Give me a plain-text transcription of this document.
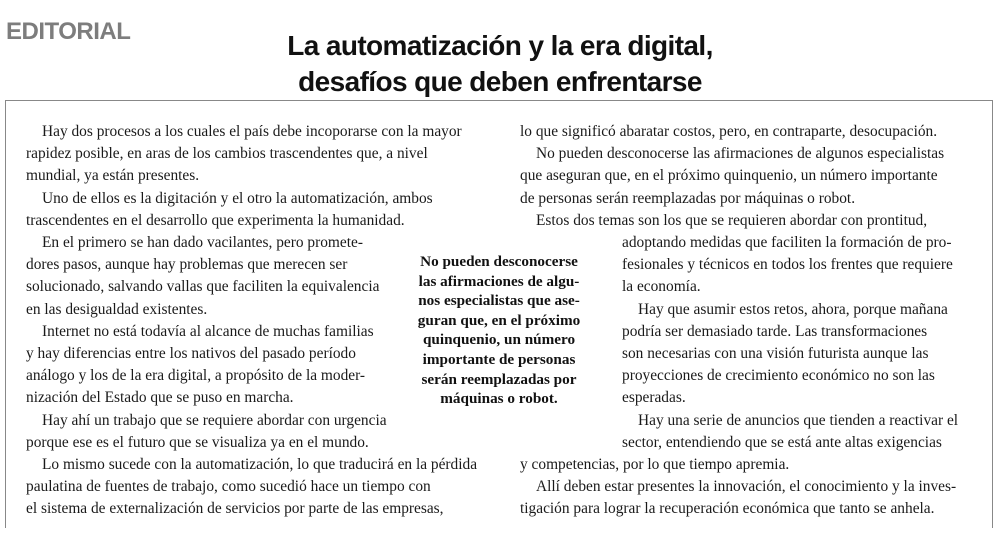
EDITORIAL	La automatización y la era digital,
desafíos que deben enfrentarse

Hay dos procesos a los cuales el país debe incoporarse con la mayor
rapidez posible, en aras de los cambios trascendentes que, a nivel
mundial, ya están presentes.

Uno de ellos es la digitación y el otro la automatización, ambos
trascendentes en el desarrollo que experimenta la humanidad.

En el primero se han dado vacilantes, pero promete-
dores pasos, aunque hay problemas que merecen ser
solucionado, salvando vallas que faciliten la equivalencia
en las desigualdad existentes.

Internet no está todavía al alcance de muchas familias
y hay diferencias entre los nativos del pasado período
análogo y los de la era digital, a propósito de la moder-
nización del Estado que se puso en marcha.

Hay ahí un trabajo que se requiere abordar con urgencia
porque ese es el futuro que se visualiza ya en el mundo.

Lo mismo sucede con la automatización, lo que traducirá en la pérdida
paulatina de fuentes de trabajo, como sucedió hace un tiempo con
el sistema de externalización de servicios por parte de las empresas,

No pueden desconocerse
las afirmaciones de algu-
nos especialistas que ase-
guran que, en el próximo
quinquenio, un número
importante de personas
serán reemplazadas por
máquinas o robot.

lo que significó abaratar costos, pero, en contraparte, desocupación.

No pueden desconocerse las afirmaciones de algunos especialistas
que aseguran que, en el próximo quinquenio, un número importante
de personas serán reemplazadas por máquinas o robot.

Estos dos temas son los que se requieren abordar con prontitud,
adoptando medidas que faciliten la formación de pro-
fesionales y técnicos en todos los frentes que requiere
la economía.

Hay que asumir estos retos, ahora, porque mañana
podría ser demasiado tarde. Las transformaciones
son necesarias con una visión futurista aunque las
proyecciones de crecimiento económico no son las
esperadas.

Hay una serie de anuncios que tienden a reactivar el
sector, entendiendo que se está ante altas exigencias
y competencias, por lo que tiempo apremia.

Allí deben estar presentes la innovación, el conocimiento y la inves-
tigación para lograr la recuperación económica que tanto se anhela.
